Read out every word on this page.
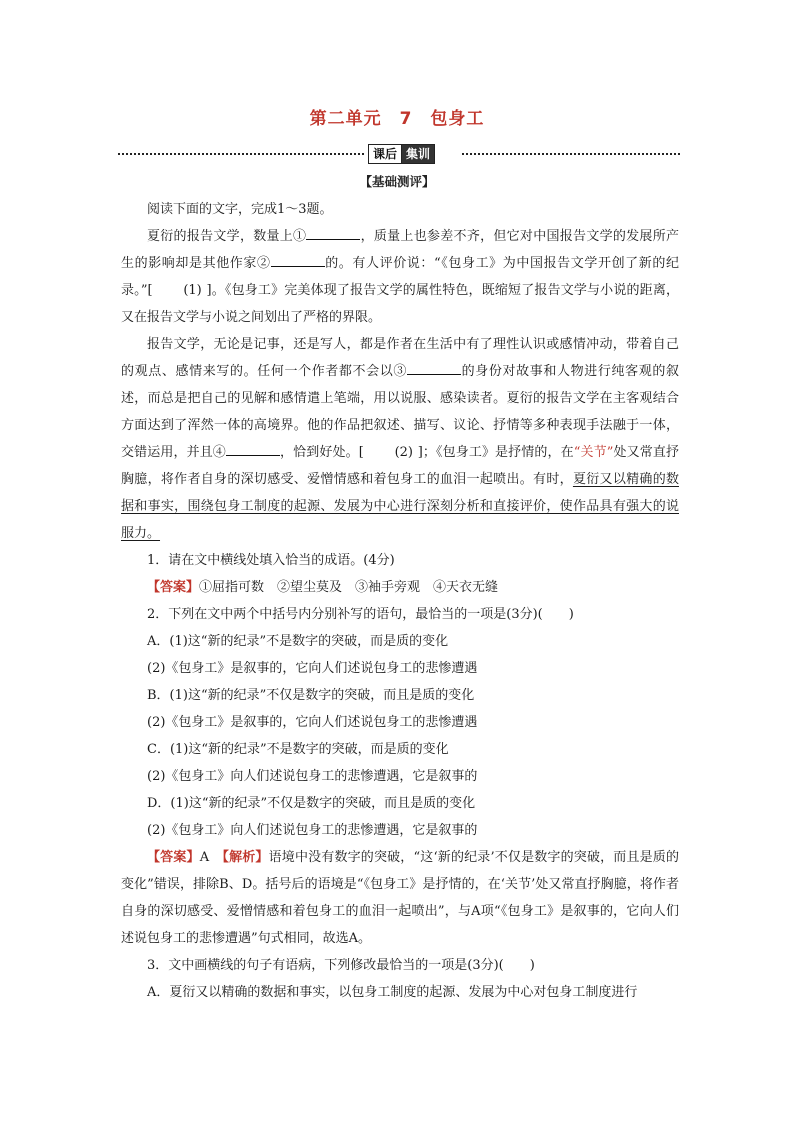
第二单元　7　包身工
课后 集训
【基础测评】

阅读下面的文字，完成1～3题。

夏衍的报告文学，数量上①	，质量上也参差不齐，但它对中国报告文学的发展所产生的影响却是其他作家②	的。有人评价说：“《包身工》为中国报告文学开创了新的纪录。”[ (1) ]。《包身工》完美体现了报告文学的属性特色，既缩短了报告文学与小说的距离，又在报告文学与小说之间划出了严格的界限。

报告文学，无论是记事，还是写人，都是作者在生活中有了理性认识或感情冲动，带着自己的观点、感情来写的。任何一个作者都不会以③	的身份对故事和人物进行纯客观的叙述，而总是把自己的见解和感情遣上笔端，用以说服、感染读者。夏衍的报告文学在主客观结合方面达到了浑然一体的高境界。他的作品把叙述、描写、议论、抒情等多种表现手法融于一体，交错运用，并且④	，恰到好处。[ (2) ]；《包身工》是抒情的，在“关节”处又常直抒胸臆，将作者自身的深切感受、爱憎情感和着包身工的血泪一起喷出。有时，夏衍又以精确的数据和事实，围绕包身工制度的起源、发展为中心进行深刻分析和直接评价，使作品具有强大的说服力。

1．请在文中横线处填入恰当的成语。(4分)

【答案】①屈指可数　②望尘莫及　③袖手旁观　④天衣无缝

2．下列在文中两个中括号内分别补写的语句，最恰当的一项是(3分)(　　)

A．(1)这“新的纪录”不是数字的突破，而是质的变化

(2)《包身工》是叙事的，它向人们述说包身工的悲惨遭遇

B．(1)这“新的纪录”不仅是数字的突破，而且是质的变化

(2)《包身工》是叙事的，它向人们述说包身工的悲惨遭遇

C．(1)这“新的纪录”不是数字的突破，而是质的变化

(2)《包身工》向人们述说包身工的悲惨遭遇，它是叙事的

D．(1)这“新的纪录”不仅是数字的突破，而且是质的变化

(2)《包身工》向人们述说包身工的悲惨遭遇，它是叙事的

【答案】A　 【解析】语境中没有数字的突破，“这‘新的纪录’不仅是数字的突破，而且是质的变化”错误，排除B、D。括号后的语境是“《包身工》是抒情的，在‘关节’处又常直抒胸臆，将作者自身的深切感受、爱憎情感和着包身工的血泪一起喷出”，与A项“《包身工》是叙事的，它向人们述说包身工的悲惨遭遇”句式相同，故选A。

3．文中画横线的句子有语病，下列修改最恰当的一项是(3分)(　　)

A．夏衍又以精确的数据和事实，以包身工制度的起源、发展为中心对包身工制度进行
